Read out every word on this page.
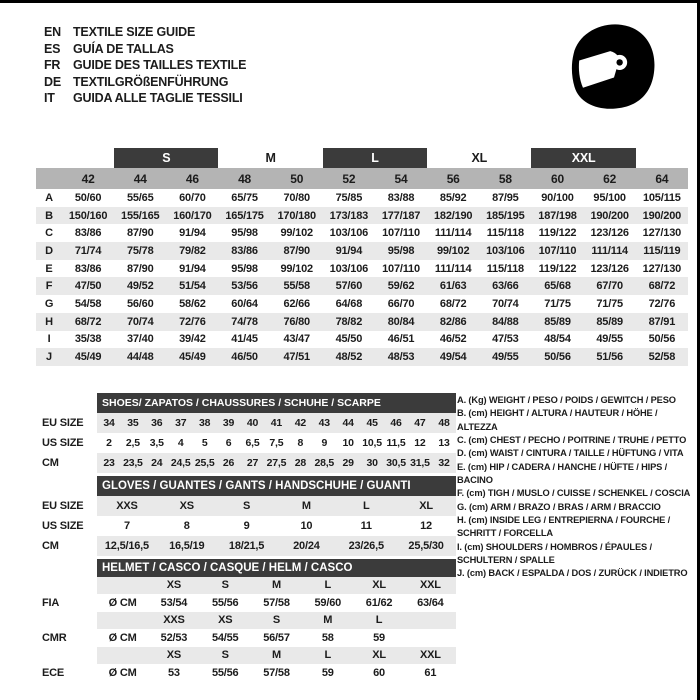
EN TEXTILE SIZE GUIDE
ES	GUÍA DE TALLAS
FR	GUIDE DES TAILLES TEXTILE
DE TEXTILGRÖßENFÜHRUNG
IT	GUIDA ALLE TAGLIE TESSILI
		S		M		L		XL		XXL		
	42	44	46	48	50	52	54	56	58	60	62	64
A	50/60	55/65	60/70	65/75	70/80	75/85	83/88	85/92	87/95	90/100	95/100	105/115
B	150/160	155/165	160/170	165/175	170/180	173/183	177/187	182/190	185/195	187/198	190/200	190/200
C	83/86	87/90	91/94	95/98	99/102	103/106	107/110	111/114	115/118	119/122	123/126	127/130
D	71/74	75/78	79/82	83/86	87/90	91/94	95/98	99/102	103/106	107/110	111/114	115/119
E	83/86	87/90	91/94	95/98	99/102	103/106	107/110	111/114	115/118	119/122	123/126	127/130
F	47/50	49/52	51/54	53/56	55/58	57/60	59/62	61/63	63/66	65/68	67/70	68/72
G	54/58	56/60	58/62	60/64	62/66	64/68	66/70	68/72	70/74	71/75	71/75	72/76
H	68/72	70/74	72/76	74/78	76/80	78/82	80/84	82/86	84/88	85/89	85/89	87/91
I	35/38	37/40	39/42	41/45	43/47	45/50	46/51	46/52	47/53	48/54	49/55	50/56
J	45/49	44/48	45/49	46/50	47/51	48/52	48/53	49/54	49/55	50/56	51/56	52/58
	SHOES/ ZAPATOS / CHAUSSURES / SCHUHE / SCARPE														
EU SIZE	34	35	36	37	38	39	40	41	42	43	44	45	46	47	48
US SIZE	2	2,5	3,5	4	5	6	6,5	7,5	8	9	10	10,5	11,5	12	13
CM	23	23,5	24	24,5	25,5	26	27	27,5	28	28,5	29	30	30,5	31,5	32
	GLOVES / GUANTES / GANTS / HANDSCHUHE / GUANTI					
EU SIZE	XXS	XS	S	M	L	XL
US SIZE	7	8	9	10	11	12
CM	12,5/16,5	16,5/19	18/21,5	20/24	23/26,5	25,5/30
	HELMET / CASCO / CASQUE / HELM / CASCO						
		XS	S	M	L	XL	XXL
FIA	Ø CM	53/54	55/56	57/58	59/60	61/62	63/64
		XXS	XS	S	M	L	
CMR	Ø CM	52/53	54/55	56/57	58	59	
		XS	S	M	L	XL	XXL
ECE	Ø CM	53	55/56	57/58	59	60	61
A. (Kg) WEIGHT / PESO / POIDS / GEWITCH / PESO
B. (cm) HEIGHT / ALTURA / HAUTEUR / HÖHE / ALTEZZA
C. (cm) CHEST / PECHO / POITRINE / TRUHE / PETTO
D. (cm) WAIST / CINTURA / TAILLE / HÜFTUNG / VITA
E. (cm) HIP / CADERA / HANCHE / HÜFTE / HIPS / BACINO
F. (cm) TIGH / MUSLO / CUISSE / SCHENKEL / COSCIA
G. (cm) ARM / BRAZO / BRAS / ARM / BRACCIO
H. (cm) INSIDE LEG / ENTREPIERNA / FOURCHE / SCHRITT / FORCELLA
I. (cm) SHOULDERS / HOMBROS / ÉPAULES / SCHULTERN / SPALLE
J. (cm) BACK / ESPALDA / DOS / ZURÜCK / INDIETRO
